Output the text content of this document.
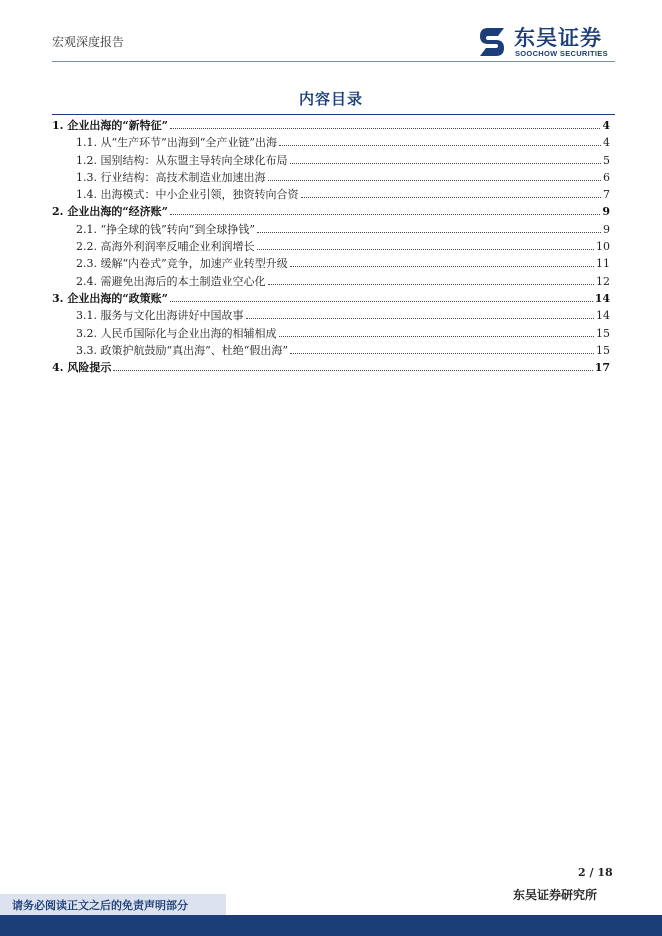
宏观深度报告	东吴证券
SOOCHOW SECURITIES
内容目录
1. 企业出海的“新特征”	4
1.1. 从“生产环节”出海到“全产业链”出海	4
1.2. 国别结构：从东盟主导转向全球化布局	5
1.3. 行业结构：高技术制造业加速出海	6
1.4. 出海模式：中小企业引领，独资转向合资	7
2. 企业出海的“经济账”	9
2.1. “挣全球的钱”转向“到全球挣钱”	9
2.2. 高海外利润率反哺企业利润增长	10
2.3. 缓解“内卷式”竞争，加速产业转型升级	11
2.4. 需避免出海后的本土制造业空心化	12
3. 企业出海的“政策账”	14
3.1. 服务与文化出海讲好中国故事	14
3.2. 人民币国际化与企业出海的相辅相成	15
3.3. 政策护航鼓励“真出海”、杜绝“假出海”	15
4. 风险提示	17
2 / 18
请务必阅读正文之后的免责声明部分
东吴证券研究所
